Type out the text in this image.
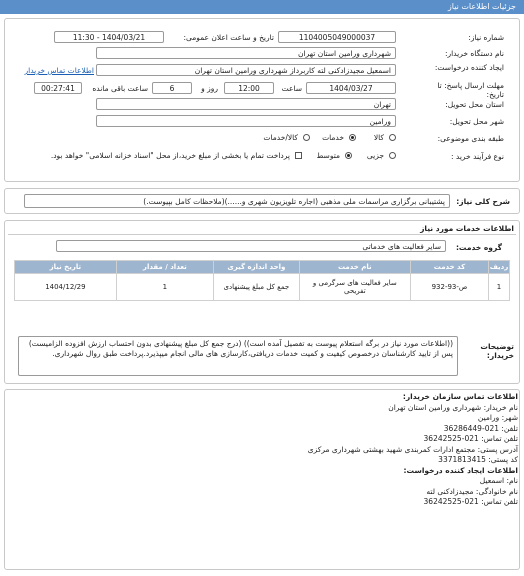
جزئیات اطلاعات نیاز
شماره نیاز:
1104005049000037
تاریخ و ساعت اعلان عمومی:
1404/03/21 - 11:30
نام دستگاه خریدار:
شهرداری ورامین استان تهران
ایجاد کننده درخواست:
اسمعیل مجیدزادکنی لته کاربرداز شهرداری ورامین استان تهران
اطلاعات تماس خریدار
مهلت ارسال پاسخ: تا تاریخ:
1404/03/27
ساعت
12:00
روز و
6
ساعت باقی مانده
00:27:41
استان محل تحویل:
تهران
شهر محل تحویل:
ورامین
طبقه بندی موضوعی:
کالا
خدمات
کالا/خدمات
نوع فرآیند خرید :
جزیی
متوسط
پرداخت تمام یا بخشی از مبلغ خرید،از محل "اسناد خزانه اسلامی" خواهد بود.
شرح کلی نیاز:
پشتیبانی برگزاری مراسمات ملی مذهبی (اجاره تلویزیون شهری و......)(ملاحظات کامل بپیوست.)
اطلاعات خدمات مورد نیاز
گروه خدمت:
سایر فعالیت های خدماتی
ردیف	کد خدمت	نام خدمت	واحد اندازه گیری	تعداد / مقدار	تاریخ نیاز
1	ص-93-932	سایر فعالیت های سرگرمی و تفریحی	جمع کل مبلغ پیشنهادی	1	1404/12/29
توضیحات خریدار:
((اطلاعات مورد نیاز در برگه استعلام پیوست به تفصیل آمده است)) (درج جمع کل مبلغ پیشنهادی بدون احتساب ارزش افزوده الزامیست) پس از تایید کارشناسان درخصوص کیفیت و کمیت خدمات دریافتی،کارسازی های مالی انجام میپذیرد.پرداخت طبق روال شهرداری.
اطلاعات تماس سازمان خریدار:
نام خریدار: شهرداری ورامین استان تهران
شهر: ورامین
تلفن: 021-36286449
تلفن تماس: 021-36242525
آدرس پستی: مجتمع ادارات کمربندی شهید بهشتی شهرداری مرکزی
کد پستی: 3371813415
اطلاعات ایجاد کننده درخواست:
نام: اسمعیل
نام خانوادگی: مجیدزادکنی لته
تلفن تماس: 021-36242525
